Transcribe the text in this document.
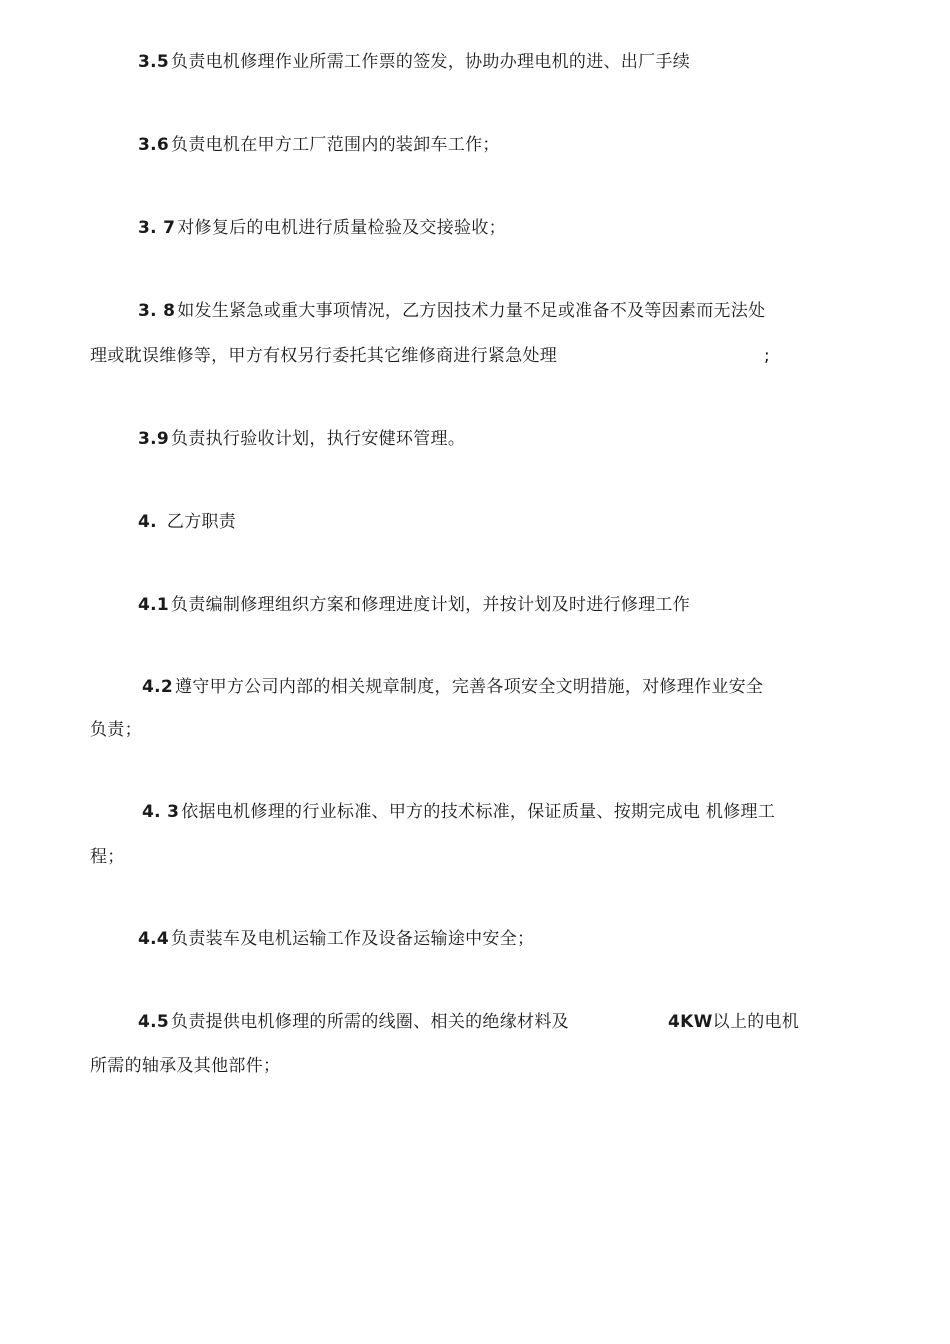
3.5 负责电机修理作业所需工作票的签发，协助办理电机的进、出厂手续
3.6 负责电机在甲方工厂范围内的装卸车工作；
3. 7 对修复后的电机进行质量检验及交接验收；
3. 8 如发生紧急或重大事项情况，乙方因技术力量不足或准备不及等因素而无法处
理或耽误维修等，甲方有权另行委托其它维修商进行紧急处理	;
3.9 负责执行验收计划，执行安健环管理。
4. 乙方职责
4.1 负责编制修理组织方案和修理进度计划，并按计划及时进行修理工作
4.2 遵守甲方公司内部的相关规章制度，完善各项安全文明措施，对修理作业安全
负责；
4. 3 依据电机修理的行业标准、甲方的技术标准，保证质量、按期完成电 机修理工
程；
4.4 负责装车及电机运输工作及设备运输途中安全；
4.5 负责提供电机修理的所需的线圈、相关的绝缘材料及	4KW以上的电机
所需的轴承及其他部件；
